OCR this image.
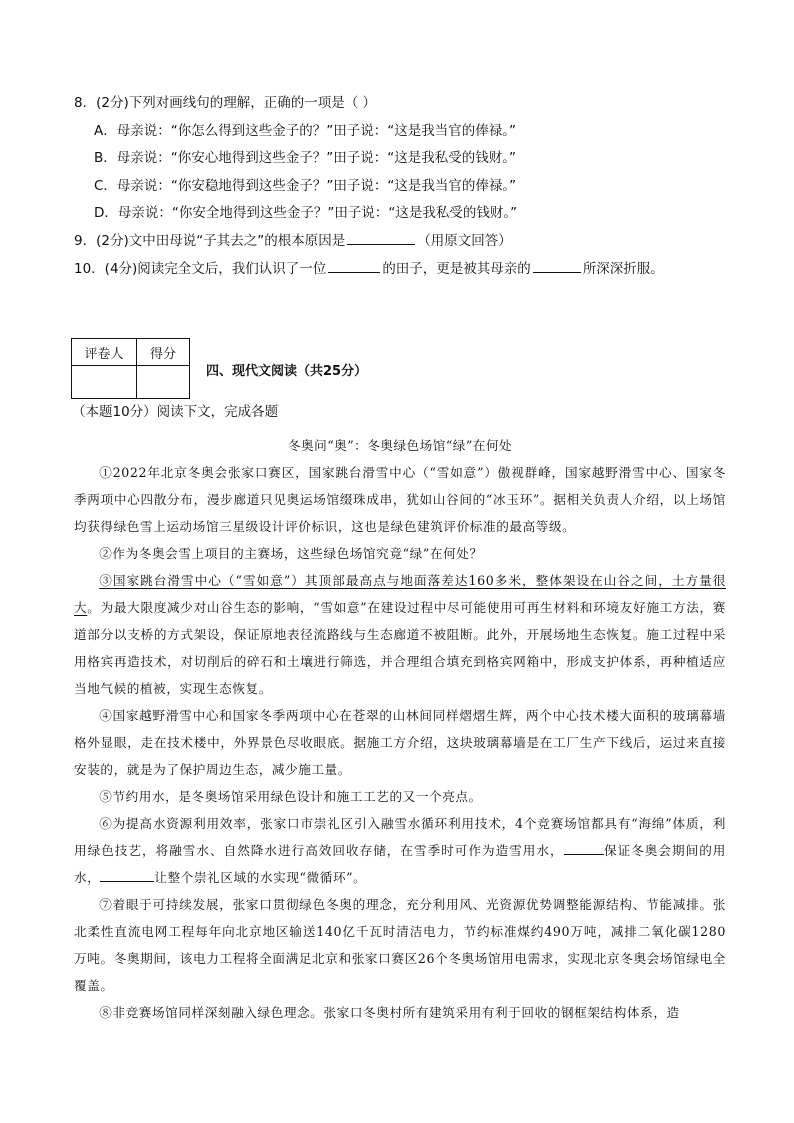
8．(2分)下列对画线句的理解，正确的一项是（ ）
A．母亲说：“你怎么得到这些金子的？”田子说：“这是我当官的俸禄。”
B．母亲说：“你安心地得到这些金子？”田子说：“这是我私受的钱财。”
C．母亲说：“你安稳地得到这些金子？”田子说：“这是我当官的俸禄。”
D．母亲说：“你安全地得到这些金子？”田子说：“这是我私受的钱财。”
9．(2分)文中田母说“子其去之”的根本原因是	（用原文回答）
10．(4分)阅读完全文后，我们认识了一位	的田子，更是被其母亲的	所深深折服。
评卷人	得分

四、现代文阅读（共25分）
（本题10分）阅读下文，完成各题
冬奥问“奥”：冬奥绿色场馆“绿”在何处

①2022年北京冬奥会张家口赛区，国家跳台滑雪中心（“雪如意”）傲视群峰，国家越野滑雪中心、国家冬季两项中心四散分布，漫步廊道只见奥运场馆缀珠成串，犹如山谷间的“冰玉环”。据相关负责人介绍，以上场馆均获得绿色雪上运动场馆三星级设计评价标识，这也是绿色建筑评价标准的最高等级。

②作为冬奥会雪上项目的主赛场，这些绿色场馆究竟“绿”在何处？

③国家跳台滑雪中心（“雪如意”）其顶部最高点与地面落差达160多米，整体架设在山谷之间，土方量很大。为最大限度减少对山谷生态的影响，“雪如意”在建设过程中尽可能使用可再生材料和环境友好施工方法，赛道部分以支桥的方式架设，保证原地表径流路线与生态廊道不被阻断。此外，开展场地生态恢复。施工过程中采用格宾再造技术，对切削后的碎石和土壤进行筛选，并合理组合填充到格宾网箱中，形成支护体系，再种植适应当地气候的植被，实现生态恢复。

④国家越野滑雪中心和国家冬季两项中心在苍翠的山林间同样熠熠生辉，两个中心技术楼大面积的玻璃幕墙格外显眼，走在技术楼中，外界景色尽收眼底。据施工方介绍，这块玻璃幕墙是在工厂生产下线后，运过来直接安装的，就是为了保护周边生态，减少施工量。

⑤节约用水，是冬奥场馆采用绿色设计和施工工艺的又一个亮点。

⑥为提高水资源利用效率，张家口市崇礼区引入融雪水循环利用技术，4个竞赛场馆都具有“海绵”体质，利用绿色技艺，将融雪水、自然降水进行高效回收存储，在雪季时可作为造雪用水，	保证冬奥会期间的用水，	让整个崇礼区域的水实现“微循环”。

⑦着眼于可持续发展，张家口贯彻绿色冬奥的理念，充分利用风、光资源优势调整能源结构、节能减排。张北柔性直流电网工程每年向北京地区输送140亿千瓦时清洁电力，节约标准煤约490万吨，减排二氧化碳1280万吨。冬奥期间，该电力工程将全面满足北京和张家口赛区26个冬奥场馆用电需求，实现北京冬奥会场馆绿电全覆盖。

⑧非竞赛场馆同样深刻融入绿色理念。张家口冬奥村所有建筑采用有利于回收的钢框架结构体系，造
